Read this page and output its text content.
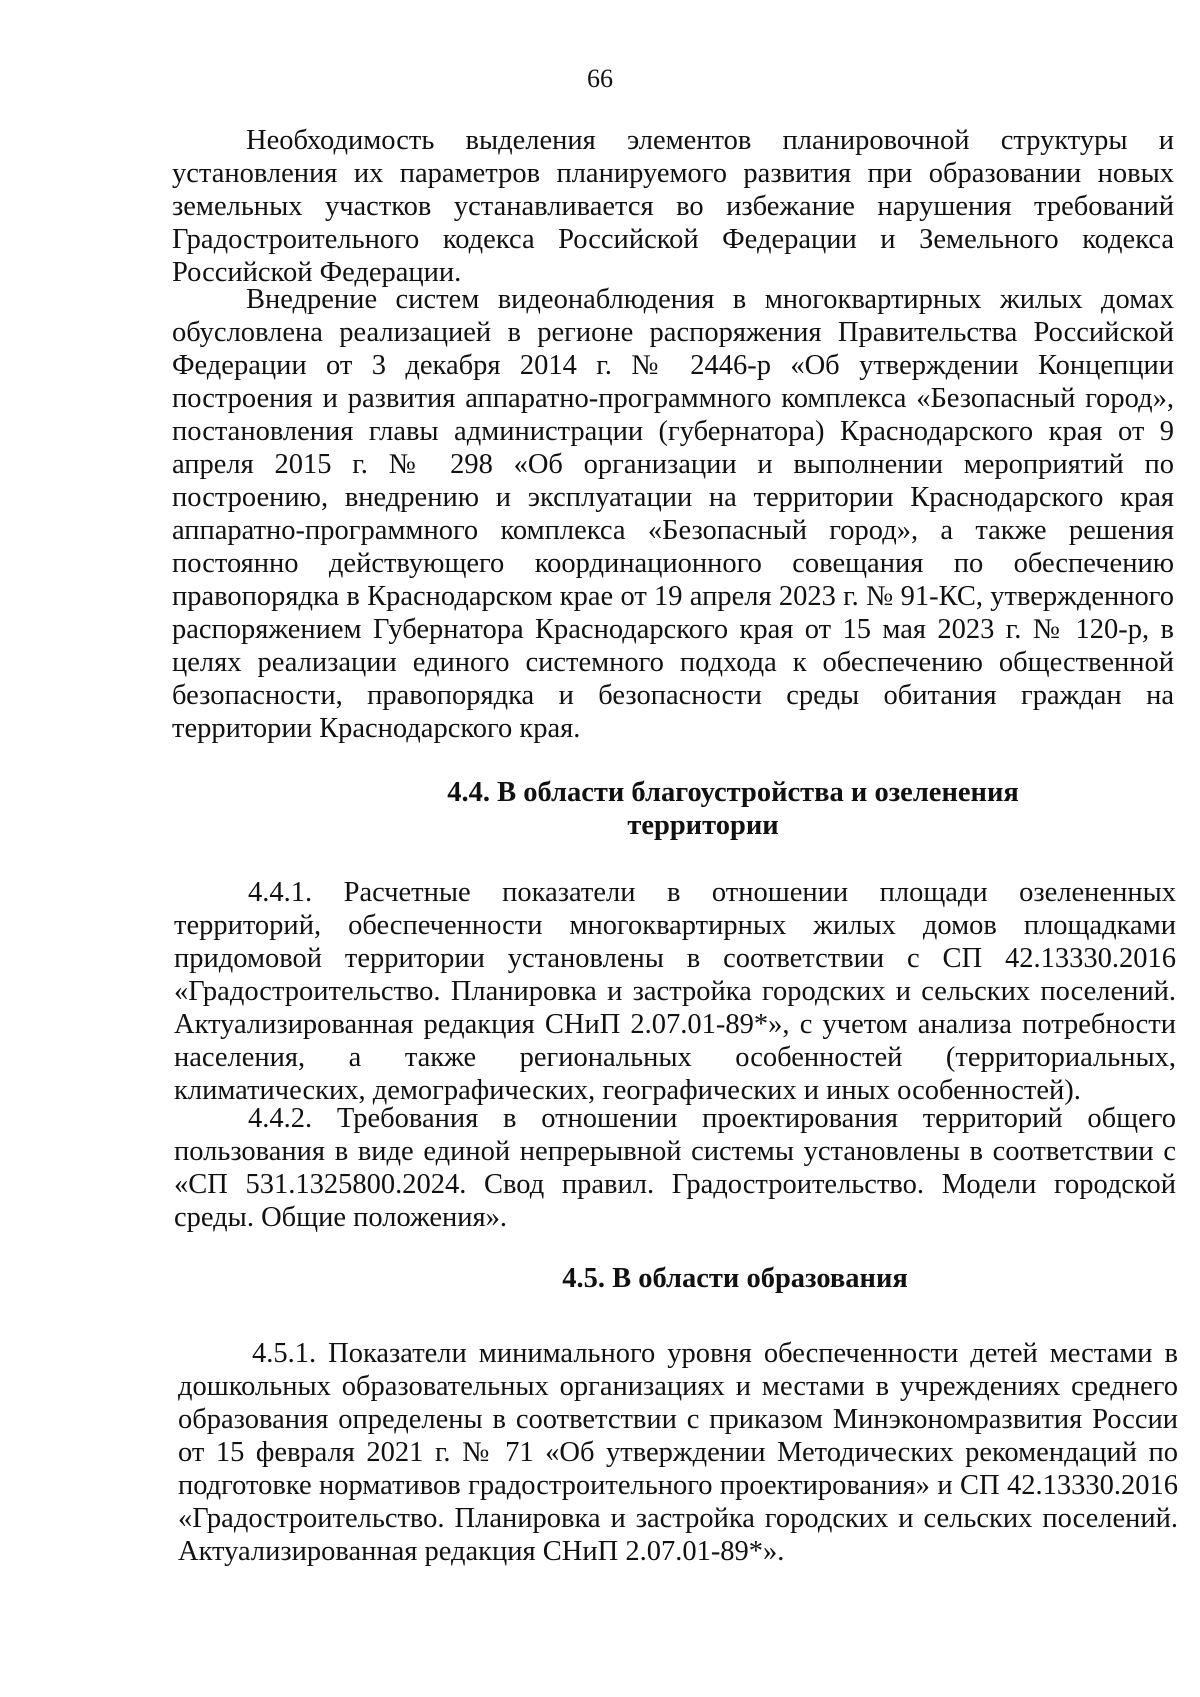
66

Необходимость выделения элементов планировочной структуры и установления их параметров планируемого развития при образовании новых земельных участков устанавливается во избежание нарушения требований Градостроительного кодекса Российской Федерации и Земельного кодекса Российской Федерации.

Внедрение систем видеонаблюдения в многоквартирных жилых домах обусловлена реализацией в регионе распоряжения Правительства Российской Федерации от 3 декабря 2014 г. № 2446-р «Об утверждении Концепции построения и развития аппаратно-программного комплекса «Безопасный город», постановления главы администрации (губернатора) Краснодарского края от 9 апреля 2015 г. № 298 «Об организации и выполнении мероприятий по построению, внедрению и эксплуатации на территории Краснодарского края аппаратно-программного комплекса «Безопасный город», а также решения постоянно действующего координационного совещания по обеспечению правопорядка в Краснодарском крае от 19 апреля 2023 г. № 91-КС, утвержденного распоряжением Губернатора Краснодарского края от 15 мая 2023 г. № 120-р, в целях реализации единого системного подхода к обеспечению общественной безопасности, правопорядка и безопасности среды обитания граждан на территории Краснодарского края.

4.4. В области благоустройства и озеленения
территории

4.4.1. Расчетные показатели в отношении площади озелененных территорий, обеспеченности многоквартирных жилых домов площадками придомовой территории установлены в соответствии с СП 42.13330.2016 «Градостроительство. Планировка и застройка городских и сельских поселений. Актуализированная редакция СНиП 2.07.01-89*», с учетом анализа потребности населения, а также региональных особенностей (территориальных, климатических, демографических, географических и иных особенностей).

4.4.2. Требования в отношении проектирования территорий общего пользования в виде единой непрерывной системы установлены в соответствии с «СП 531.1325800.2024. Свод правил. Градостроительство. Модели городской среды. Общие положения».

4.5. В области образования

4.5.1. Показатели минимального уровня обеспеченности детей местами в дошкольных образовательных организациях и местами в учреждениях среднего образования определены в соответствии с приказом Минэкономразвития России от 15 февраля 2021 г. № 71 «Об утверждении Методических рекомендаций по подготовке нормативов градостроительного проектирования» и СП 42.13330.2016 «Градостроительство. Планировка и застройка городских и сельских поселений. Актуализированная редакция СНиП 2.07.01-89*».
